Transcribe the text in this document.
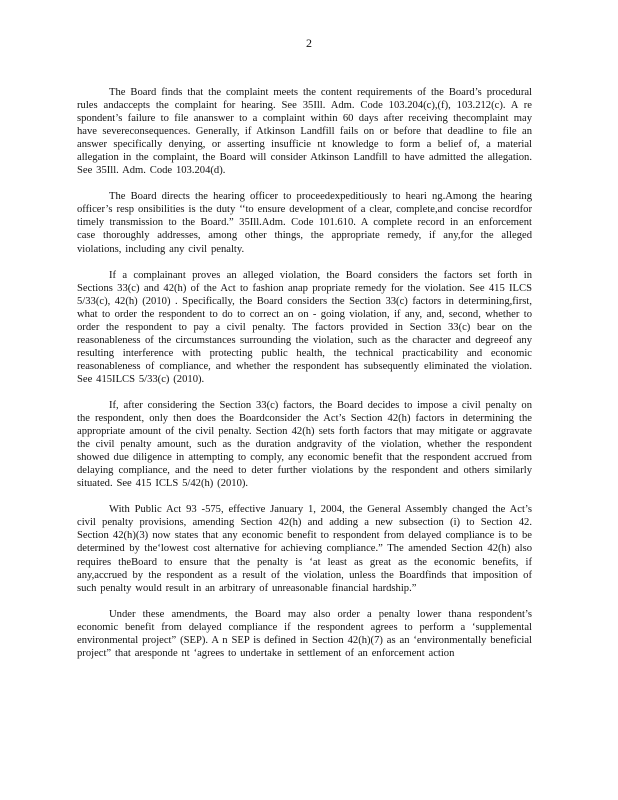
2

The Board finds that the complaint meets the content requirements of the Board’s procedural rules andaccepts the complaint for hearing. See 35Ill. Adm. Code 103.204(c),(f), 103.212(c). A re spondent’s failure to file ananswer to a complaint within 60 days after receiving thecomplaint may have severeconsequences. Generally, if Atkinson Landfill fails on or before that deadline to file an answer specifically denying, or asserting insufficie nt knowledge to form a belief of, a material allegation in the complaint, the Board will consider Atkinson Landfill to have admitted the allegation. See 35Ill. Adm. Code 103.204(d).

The Board directs the hearing officer to proceedexpeditiously to heari ng.Among the hearing officer’s resp onsibilities is the duty ‘‘to ensure development of a clear, complete,and concise recordfor timely transmission to the Board.” 35Ill.Adm. Code 101.610. A complete record in an enforcement case thoroughly addresses, among other things, the appropriate remedy, if any,for the alleged violations, including any civil penalty.

If a complainant proves an alleged violation, the Board considers the factors set forth in Sections 33(c) and 42(h) of the Act to fashion anap propriate remedy for the violation. See 415 ILCS 5/33(c), 42(h) (2010) . Specifically, the Board considers the Section 33(c) factors in determining,first, what to order the respondent to do to correct an on - going violation, if any, and, second, whether to order the respondent to pay a civil penalty. The factors provided in Section 33(c) bear on the reasonableness of the circumstances surrounding the violation, such as the character and degreeof any resulting interference with protecting public health, the technical practicability and economic reasonableness of compliance, and whether the respondent has subsequently eliminated the violation. See 415ILCS 5/33(c) (2010).

If, after considering the Section 33(c) factors, the Board decides to impose a civil penalty on the respondent, only then does the Boardconsider the Act’s Section 42(h) factors in determining the appropriate amount of the civil penalty. Section 42(h) sets forth factors that may mitigate or aggravate the civil penalty amount, such as the duration andgravity of the violation, whether the respondent showed due diligence in attempting to comply, any economic benefit that the respondent accrued from delaying compliance, and the need to deter further violations by the respondent and others similarly situated. See 415 ICLS 5/42(h) (2010).

With Public Act 93 -575, effective January 1, 2004, the General Assembly changed the Act’s civil penalty provisions, amending Section 42(h) and adding a new subsection (i) to Section 42. Section 42(h)(3) now states that any economic benefit to respondent from delayed compliance is to be determined by the‘lowest cost alternative for achieving compliance.” The amended Section 42(h) also requires theBoard to ensure that the penalty is ‘at least as great as the economic benefits, if any,accrued by the respondent as a result of the violation, unless the Boardfinds that imposition of such penalty would result in an arbitrary of unreasonable financial hardship.”

Under these amendments, the Board may also order a penalty lower thana respondent’s economic benefit from delayed compliance if the respondent agrees to perform a ‘supplemental environmental project” (SEP). A n SEP is defined in Section 42(h)(7) as an ‘environmentally beneficial project” that aresponde nt ‘agrees to undertake in settlement of an enforcement action
